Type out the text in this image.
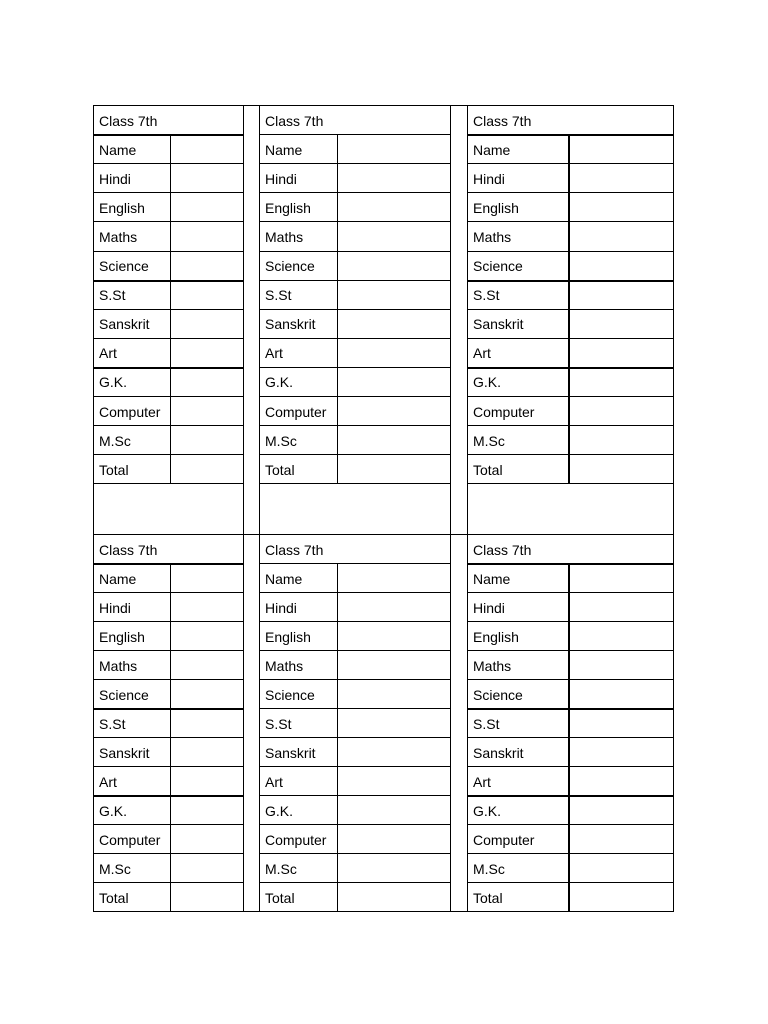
Class 7th
Name
Hindi
English
Maths
Science
S.St
Sanskrit
Art
G.K.
Computer
M.Sc
Total
Class 7th
Name
Hindi
English
Maths
Science
S.St
Sanskrit
Art
G.K.
Computer
M.Sc
Total
Class 7th
Name
Hindi
English
Maths
Science
S.St
Sanskrit
Art
G.K.
Computer
M.Sc
Total
Class 7th
Name
Hindi
English
Maths
Science
S.St
Sanskrit
Art
G.K.
Computer
M.Sc
Total
Class 7th
Name
Hindi
English
Maths
Science
S.St
Sanskrit
Art
G.K.
Computer
M.Sc
Total
Class 7th
Name
Hindi
English
Maths
Science
S.St
Sanskrit
Art
G.K.
Computer
M.Sc
Total
